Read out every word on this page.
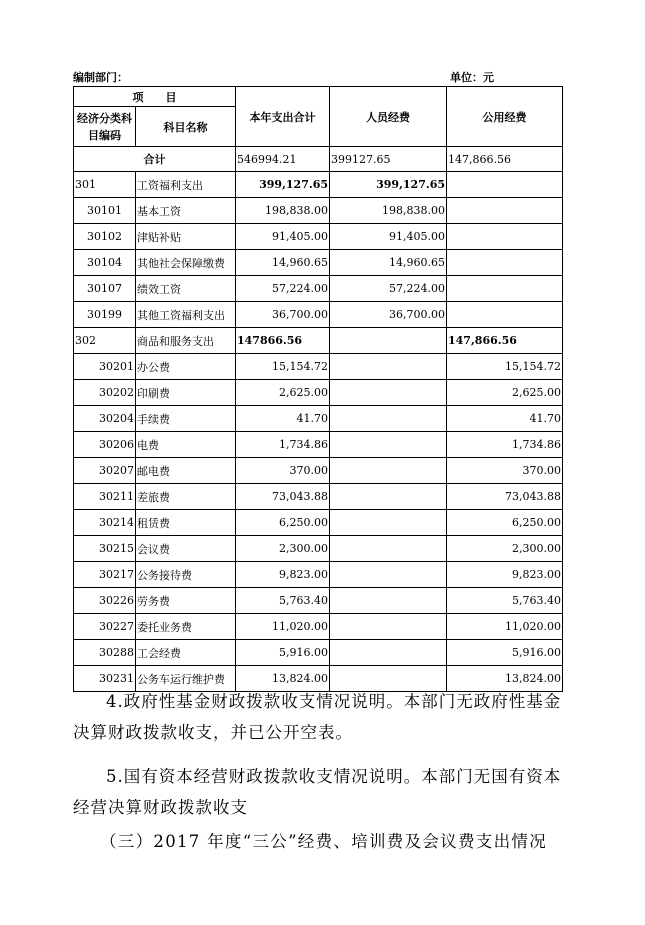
编制部门：	单位：元
项　　目		本年支出合计	人员经费	公用经费
经济分类科目编码	科目名称			
合计		546994.21	399127.65	147,866.56
301	工资福利支出	399,127.65	399,127.65	
30101	基本工资	198,838.00	198,838.00	
30102	津贴补贴	91,405.00	91,405.00	
30104	其他社会保障缴费	14,960.65	14,960.65	
30107	绩效工资	57,224.00	57,224.00	
30199	其他工资福利支出	36,700.00	36,700.00	
302	商品和服务支出	147866.56		147,866.56
30201	办公费	15,154.72		15,154.72
30202	印刷费	2,625.00		2,625.00
30204	手续费	41.70		41.70
30206	电费	1,734.86		1,734.86
30207	邮电费	370.00		370.00
30211	差旅费	73,043.88		73,043.88
30214	租赁费	6,250.00		6,250.00
30215	会议费	2,300.00		2,300.00
30217	公务接待费	9,823.00		9,823.00
30226	劳务费	5,763.40		5,763.40
30227	委托业务费	11,020.00		11,020.00
30288	工会经费	5,916.00		5,916.00
30231	公务车运行维护费	13,824.00		13,824.00

4.政府性基金财政拨款收支情况说明。本部门无政府性基金决算财政拨款收支，并已公开空表。

5.国有资本经营财政拨款收支情况说明。本部门无国有资本经营决算财政拨款收支

（三）2017 年度“三公”经费、培训费及会议费支出情况
